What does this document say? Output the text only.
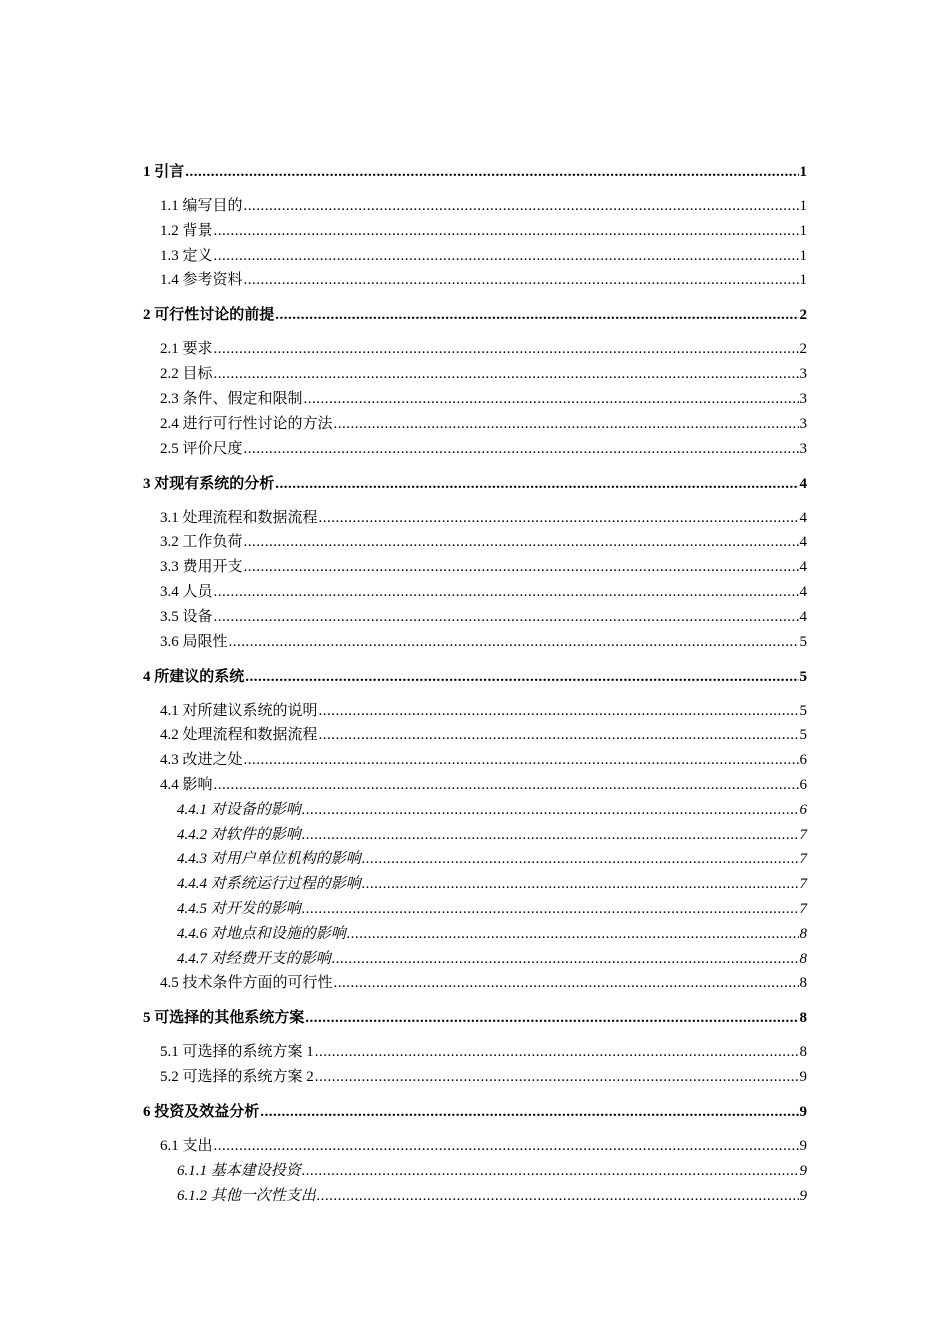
1 引言 .....	1
1.1 编写目的 .....	1
1.2 背景 .....	1
1.3 定义 .....	1
1.4 参考资料 .....	1
2 可行性讨论的前提 .....	2
2.1 要求 .....	2
2.2 目标 .....	3
2.3 条件、假定和限制 .....	3
2.4 进行可行性讨论的方法 .....	3
2.5 评价尺度 .....	3
3 对现有系统的分析 .....	4
3.1 处理流程和数据流程 .....	4
3.2 工作负荷 .....	4
3.3 费用开支 .....	4
3.4 人员 .....	4
3.5 设备 .....	4
3.6 局限性 .....	5
4 所建议的系统 .....	5
4.1 对所建议系统的说明 .....	5
4.2 处理流程和数据流程 .....	5
4.3 改进之处 .....	6
4.4 影响 .....	6
4.4.1 对设备的影响 .....	6
4.4.2 对软件的影响 .....	7
4.4.3 对用户单位机构的影响 .....	7
4.4.4 对系统运行过程的影响 .....	7
4.4.5 对开发的影响 .....	7
4.4.6 对地点和设施的影响 .....	8
4.4.7 对经费开支的影响 .....	8
4.5 技术条件方面的可行性 .....	8
5 可选择的其他系统方案 .....	8
5.1 可选择的系统方案 1 .....	8
5.2 可选择的系统方案 2 .....	9
6 投资及效益分析 .....	9
6.1 支出 .....	9
6.1.1 基本建设投资 .....	9
6.1.2 其他一次性支出 .....	9
